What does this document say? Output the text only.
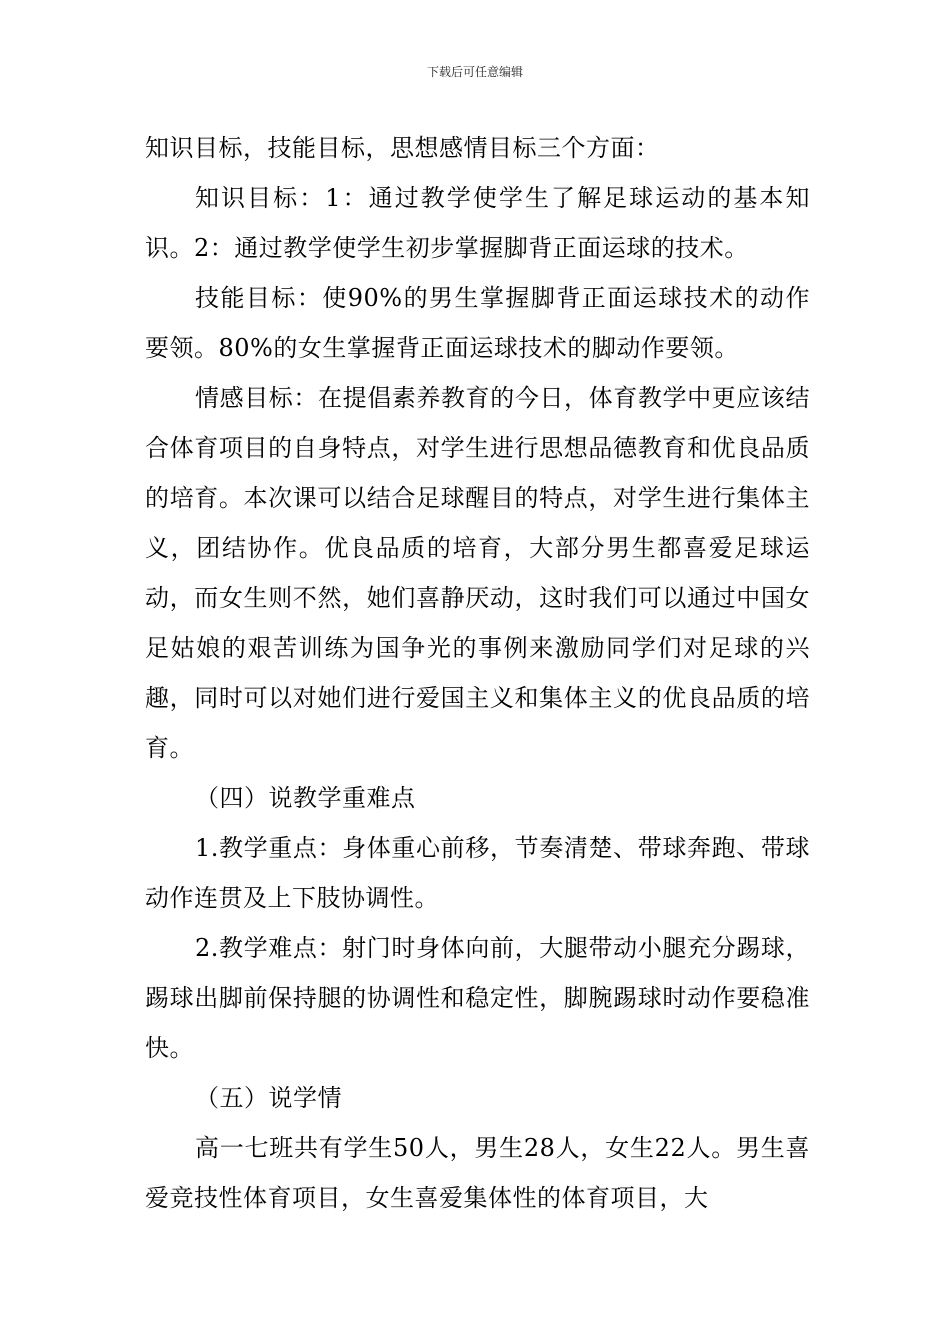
下载后可任意编辑

知识目标，技能目标，思想感情目标三个方面：

知识目标：1：通过教学使学生了解足球运动的基本知识。2：通过教学使学生初步掌握脚背正面运球的技术。

技能目标：使90%的男生掌握脚背正面运球技术的动作要领。80%的女生掌握背正面运球技术的脚动作要领。

情感目标：在提倡素养教育的今日，体育教学中更应该结合体育项目的自身特点，对学生进行思想品德教育和优良品质的培育。本次课可以结合足球醒目的特点，对学生进行集体主义，团结协作。优良品质的培育，大部分男生都喜爱足球运动，而女生则不然，她们喜静厌动，这时我们可以通过中国女足姑娘的艰苦训练为国争光的事例来激励同学们对足球的兴趣，同时可以对她们进行爱国主义和集体主义的优良品质的培育。

（四）说教学重难点

1.教学重点：身体重心前移，节奏清楚、带球奔跑、带球动作连贯及上下肢协调性。

2.教学难点：射门时身体向前，大腿带动小腿充分踢球，踢球出脚前保持腿的协调性和稳定性，脚腕踢球时动作要稳准快。

（五）说学情

高一七班共有学生50人，男生28人，女生22人。男生喜爱竞技性体育项目，女生喜爱集体性的体育项目，大
